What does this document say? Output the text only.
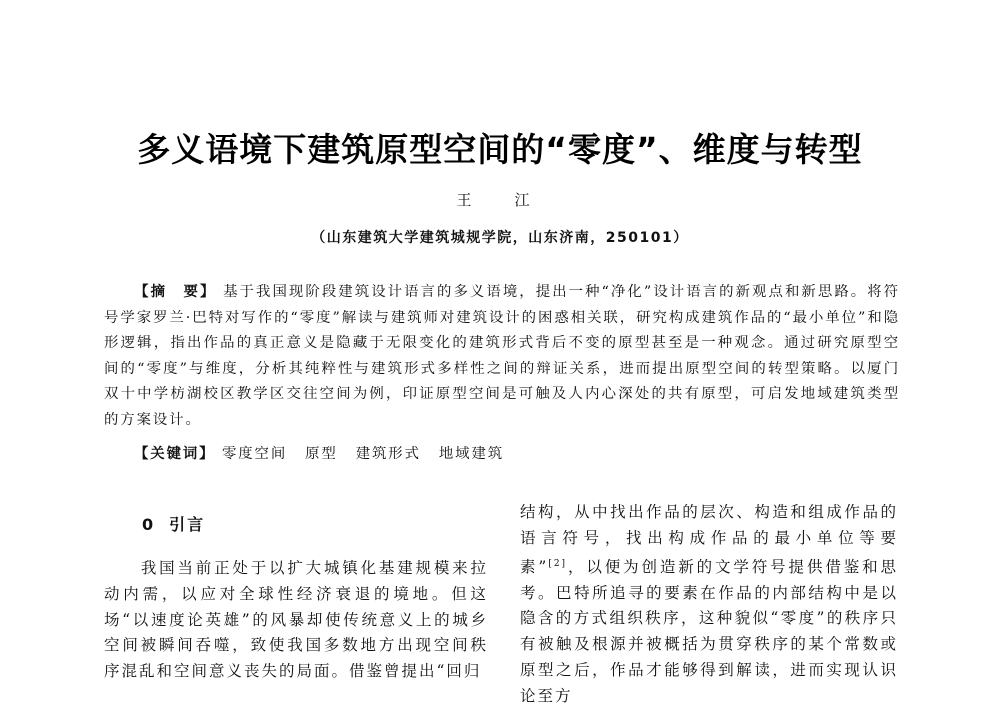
多义语境下建筑原型空间的“零度”、维度与转型

王　江

（山东建筑大学建筑城规学院，山东济南，250101）

【摘　要】 基于我国现阶段建筑设计语言的多义语境，提出一种“净化”设计语言的新观点和新思路。将符号学家罗兰·巴特对写作的“零度”解读与建筑师对建筑设计的困惑相关联，研究构成建筑作品的“最小单位”和隐形逻辑，指出作品的真正意义是隐藏于无限变化的建筑形式背后不变的原型甚至是一种观念。通过研究原型空间的“零度”与维度，分析其纯粹性与建筑形式多样性之间的辩证关系，进而提出原型空间的转型策略。以厦门双十中学枋湖校区教学区交往空间为例，印证原型空间是可触及人内心深处的共有原型，可启发地域建筑类型的方案设计。

【关键词】 零度空间 原型 建筑形式 地域建筑

0 引言

我国当前正处于以扩大城镇化基建规模来拉动内需，以应对全球性经济衰退的境地。但这场“以速度论英雄”的风暴却使传统意义上的城乡空间被瞬间吞噬，致使我国多数地方出现空间秩序混乱和空间意义丧失的局面。借鉴曾提出“回归

结构，从中找出作品的层次、构造和组成作品的语言符号，找出构成作品的最小单位等要素”[2]，以便为创造新的文学符号提供借鉴和思考。巴特所追寻的要素在作品的内部结构中是以隐含的方式组织秩序，这种貌似“零度”的秩序只有被触及根源并被概括为贯穿秩序的某个常数或原型之后，作品才能够得到解读，进而实现认识论至方
